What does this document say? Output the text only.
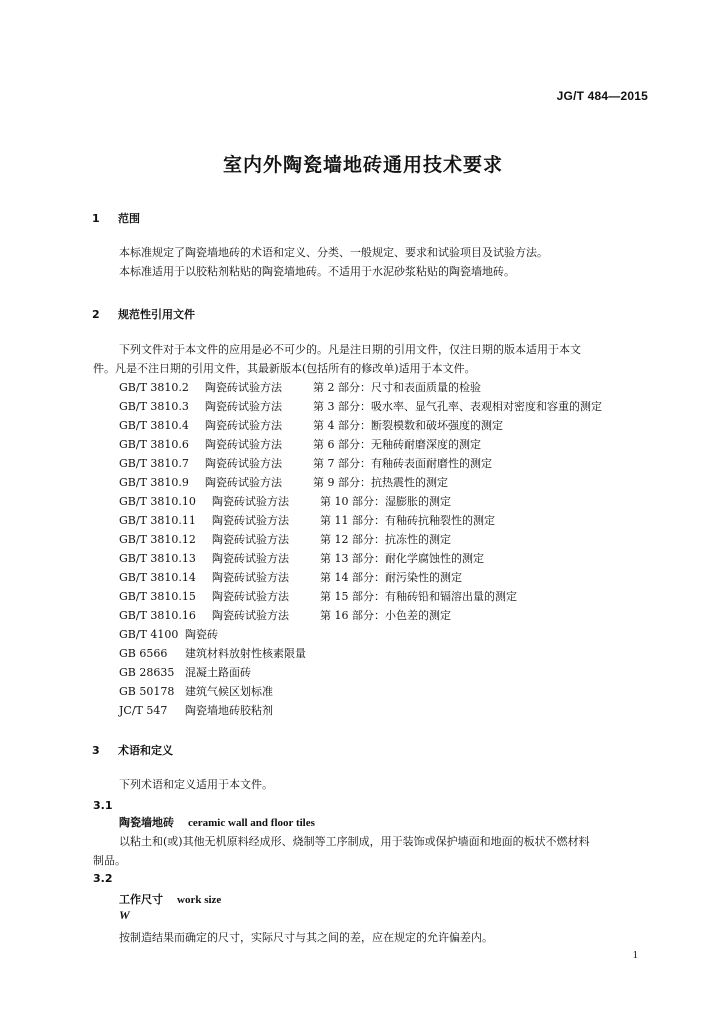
JG/T 484—2015
室内外陶瓷墙地砖通用技术要求
1 范围
本标准规定了陶瓷墙地砖的术语和定义、分类、一般规定、要求和试验项目及试验方法。
本标准适用于以胶粘剂粘贴的陶瓷墙地砖。不适用于水泥砂浆粘贴的陶瓷墙地砖。
2 规范性引用文件
下列文件对于本文件的应用是必不可少的。凡是注日期的引用文件，仅注日期的版本适用于本文
件。凡是不注日期的引用文件，其最新版本(包括所有的修改单)适用于本文件。
GB/T 3810.2 陶瓷砖试验方法	第 2 部分：尺寸和表面质量的检验
GB/T 3810.3 陶瓷砖试验方法	第 3 部分：吸水率、显气孔率、表观相对密度和容重的测定
GB/T 3810.4 陶瓷砖试验方法	第 4 部分：断裂模数和破坏强度的测定
GB/T 3810.6 陶瓷砖试验方法	第 6 部分：无釉砖耐磨深度的测定
GB/T 3810.7 陶瓷砖试验方法	第 7 部分：有釉砖表面耐磨性的测定
GB/T 3810.9 陶瓷砖试验方法	第 9 部分：抗热震性的测定
GB/T 3810.10 陶瓷砖试验方法	第 10 部分：湿膨胀的测定
GB/T 3810.11 陶瓷砖试验方法	第 11 部分：有釉砖抗釉裂性的测定
GB/T 3810.12 陶瓷砖试验方法	第 12 部分：抗冻性的测定
GB/T 3810.13 陶瓷砖试验方法	第 13 部分：耐化学腐蚀性的测定
GB/T 3810.14 陶瓷砖试验方法	第 14 部分：耐污染性的测定
GB/T 3810.15 陶瓷砖试验方法	第 15 部分：有釉砖铅和镉溶出量的测定
GB/T 3810.16 陶瓷砖试验方法	第 16 部分：小色差的测定
GB/T 4100 陶瓷砖
GB 6566 建筑材料放射性核素限量
GB 28635 混凝土路面砖
GB 50178 建筑气候区划标准
JC/T 547 陶瓷墙地砖胶粘剂
3 术语和定义
下列术语和定义适用于本文件。
3.1
陶瓷墙地砖 ceramic wall and floor tiles
以粘土和(或)其他无机原料经成形、烧制等工序制成，用于装饰或保护墙面和地面的板状不燃材料
制品。
3.2
工作尺寸 work size
W
按制造结果而确定的尺寸，实际尺寸与其之间的差，应在规定的允许偏差内。
1
